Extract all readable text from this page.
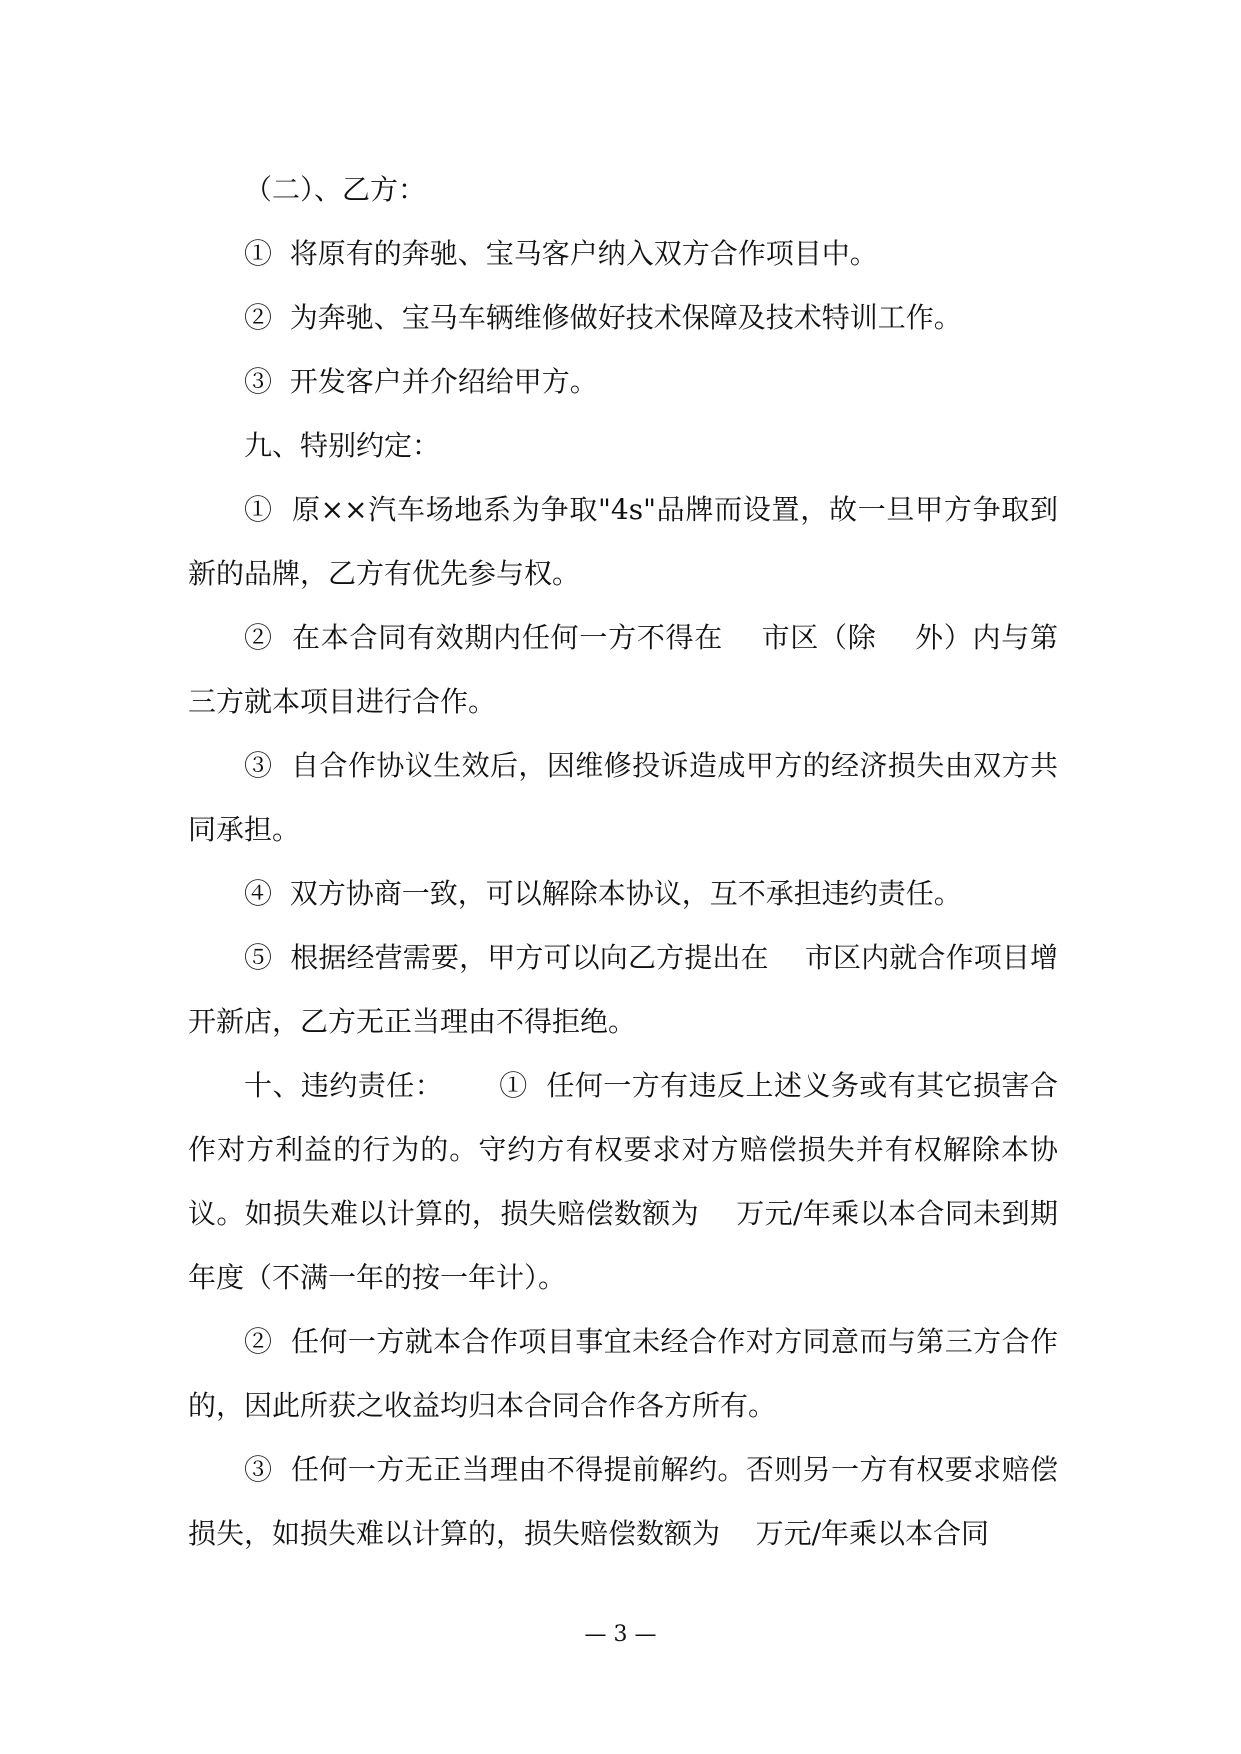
（二）、乙方：

①  将原有的奔驰、宝马客户纳入双方合作项目中。

②  为奔驰、宝马车辆维修做好技术保障及技术特训工作。

③  开发客户并介绍给甲方。

九、特别约定：

①  原××汽车场地系为争取"4s"品牌而设置，故一旦甲方争取到新的品牌，乙方有优先参与权。

②  在本合同有效期内任何一方不得在    市区（除    外）内与第三方就本项目进行合作。

③  自合作协议生效后，因维修投诉造成甲方的经济损失由双方共同承担。

④  双方协商一致，可以解除本协议，互不承担违约责任。

⑤  根据经营需要，甲方可以向乙方提出在    市区内就合作项目增开新店，乙方无正当理由不得拒绝。

十、违约责任：      ①  任何一方有违反上述义务或有其它损害合作对方利益的行为的。守约方有权要求对方赔偿损失并有权解除本协议。如损失难以计算的，损失赔偿数额为    万元/年乘以本合同未到期年度（不满一年的按一年计）。

②  任何一方就本合作项目事宜未经合作对方同意而与第三方合作的，因此所获之收益均归本合同合作各方所有。

③  任何一方无正当理由不得提前解约。否则另一方有权要求赔偿损失，如损失难以计算的，损失赔偿数额为    万元/年乘以本合同

— 3 —
